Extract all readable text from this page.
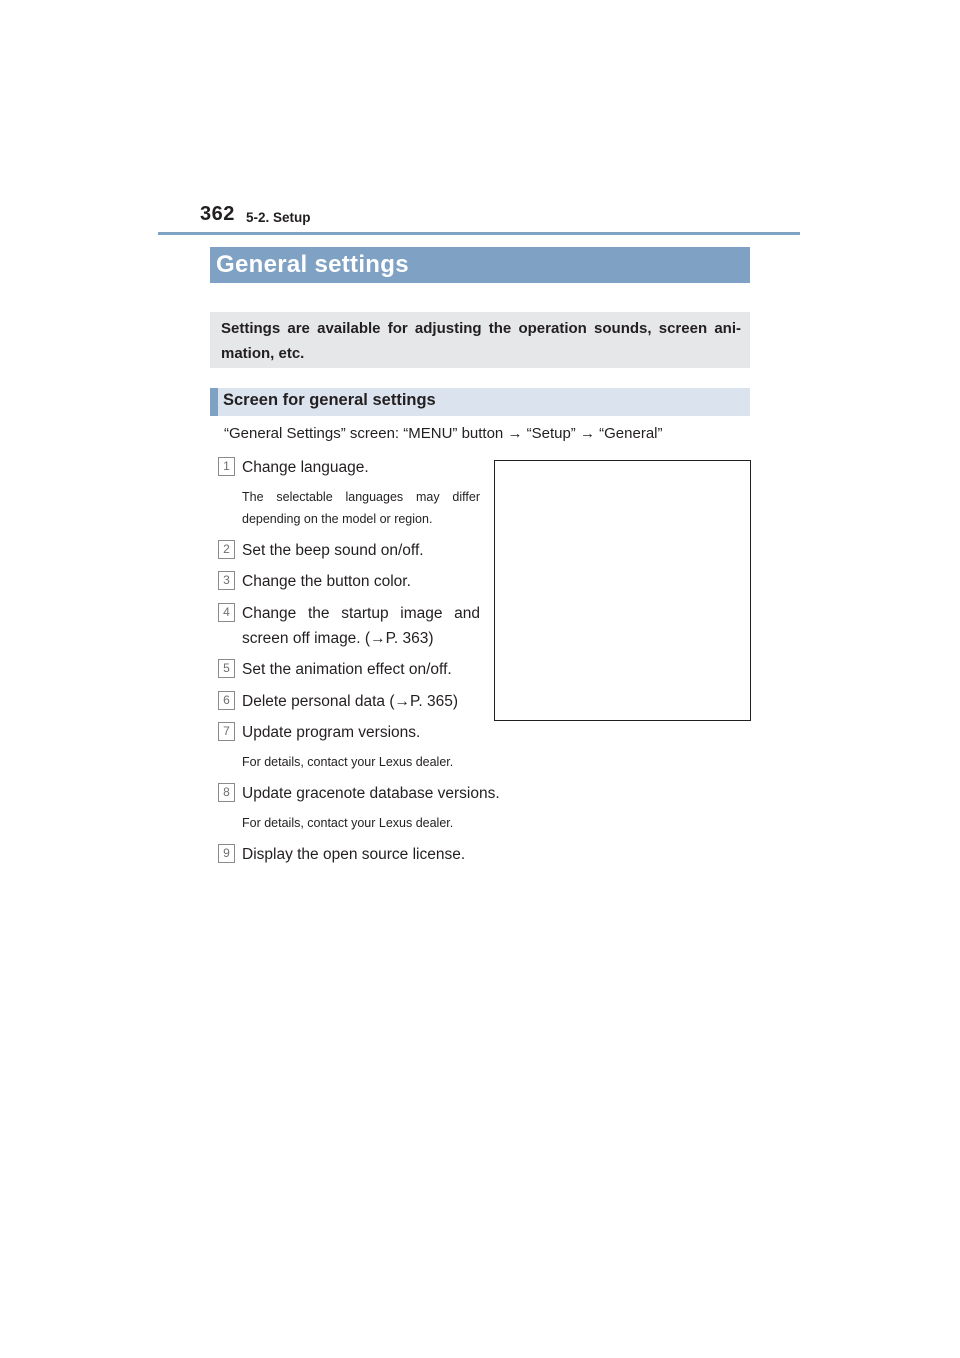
362 5-2. Setup
General settings

Settings are available for adjusting the operation sounds, screen ani-mation, etc.

Screen for general settings
“General Settings” screen: “MENU” button → “Setup” → “General”
1 Change language.
The selectable languages may differ depending on the model or region.
2 Set the beep sound on/off.
3 Change the button color.
4 Change the startup image and screen off image. (→P. 363)
5 Set the animation effect on/off.
6 Delete personal data (→P. 365)
7 Update program versions.
For details, contact your Lexus dealer.
8 Update gracenote database versions.
For details, contact your Lexus dealer.
9 Display the open source license.
